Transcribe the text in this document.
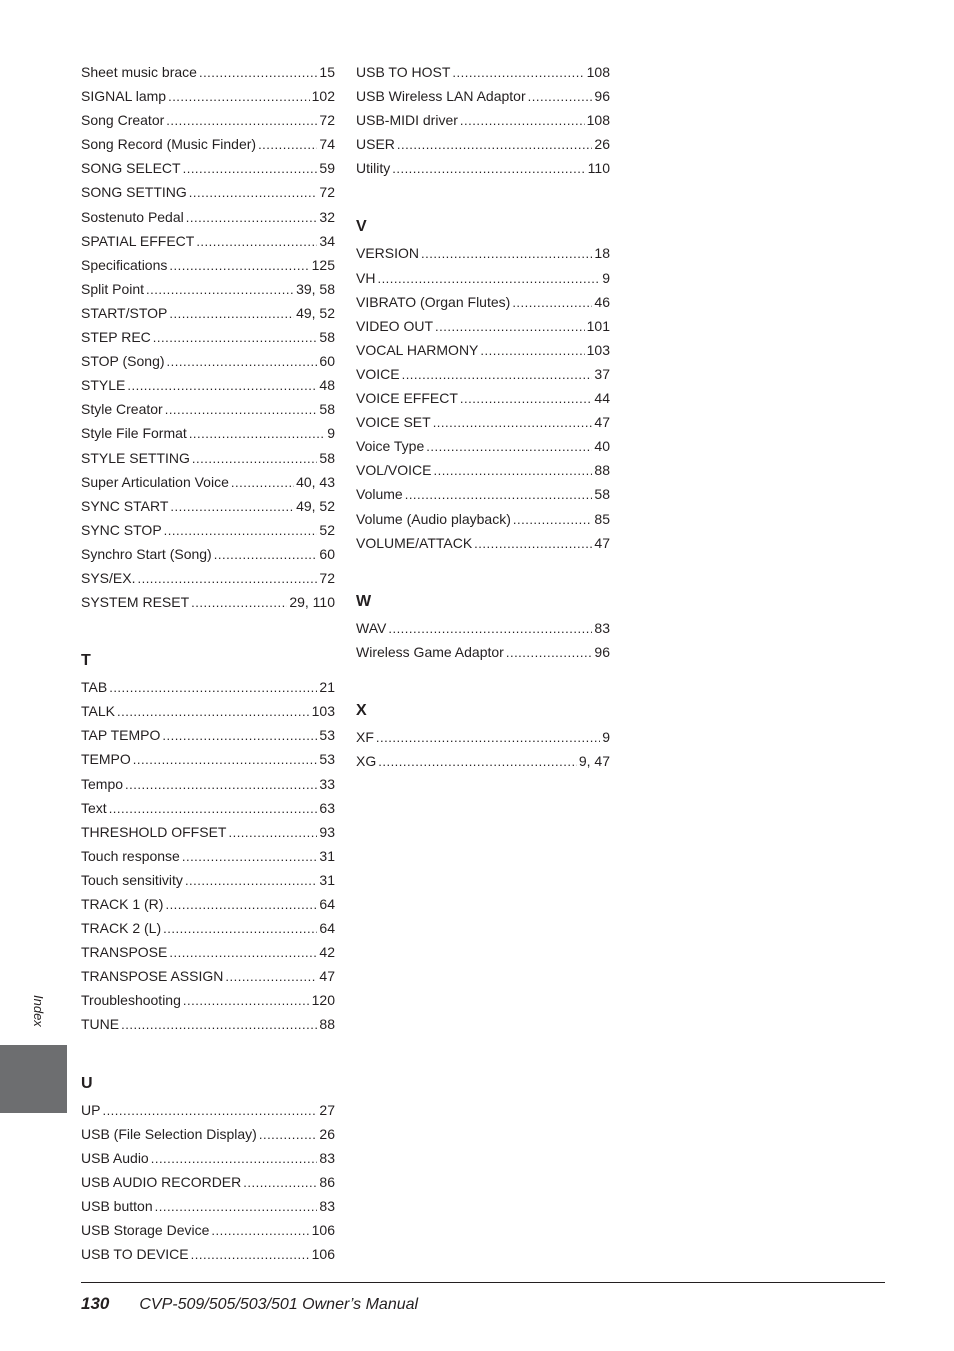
Sheet music brace .....	15
SIGNAL lamp .....	102
Song Creator .....	72
Song Record (Music Finder) .....	74
SONG SELECT .....	59
SONG SETTING .....	72
Sostenuto Pedal .....	32
SPATIAL EFFECT .....	34
Specifications .....	125
Split Point .....	39, 58
START/STOP .....	49, 52
STEP REC .....	58
STOP (Song) .....	60
STYLE .....	48
Style Creator .....	58
Style File Format .....	9
STYLE SETTING .....	58
Super Articulation Voice .....	40, 43
SYNC START .....	49, 52
SYNC STOP .....	52
Synchro Start (Song) .....	60
SYS/EX. .....	72
SYSTEM RESET .....	29, 110
T
TAB .....	21
TALK .....	103
TAP TEMPO .....	53
TEMPO .....	53
Tempo .....	33
Text .....	63
THRESHOLD OFFSET .....	93
Touch response .....	31
Touch sensitivity .....	31
TRACK 1 (R) .....	64
TRACK 2 (L) .....	64
TRANSPOSE .....	42
TRANSPOSE ASSIGN .....	47
Troubleshooting .....	120
TUNE .....	88
U
UP .....	27
USB (File Selection Display) .....	26
USB Audio .....	83
USB AUDIO RECORDER .....	86
USB button .....	83
USB Storage Device .....	106
USB TO DEVICE .....	106
USB TO HOST .....	108
USB Wireless LAN Adaptor .....	96
USB-MIDI driver .....	108
USER .....	26
Utility .....	110
V
VERSION .....	18
VH .....	9
VIBRATO (Organ Flutes) .....	46
VIDEO OUT .....	101
VOCAL HARMONY .....	103
VOICE .....	37
VOICE EFFECT .....	44
VOICE SET .....	47
Voice Type .....	40
VOL/VOICE .....	88
Volume .....	58
Volume (Audio playback) .....	85
VOLUME/ATTACK .....	47
W
WAV .....	83
Wireless Game Adaptor .....	96
X
XF .....	9
XG .....	9, 47
Index
130 CVP-509/505/503/501 Owner’s Manual
